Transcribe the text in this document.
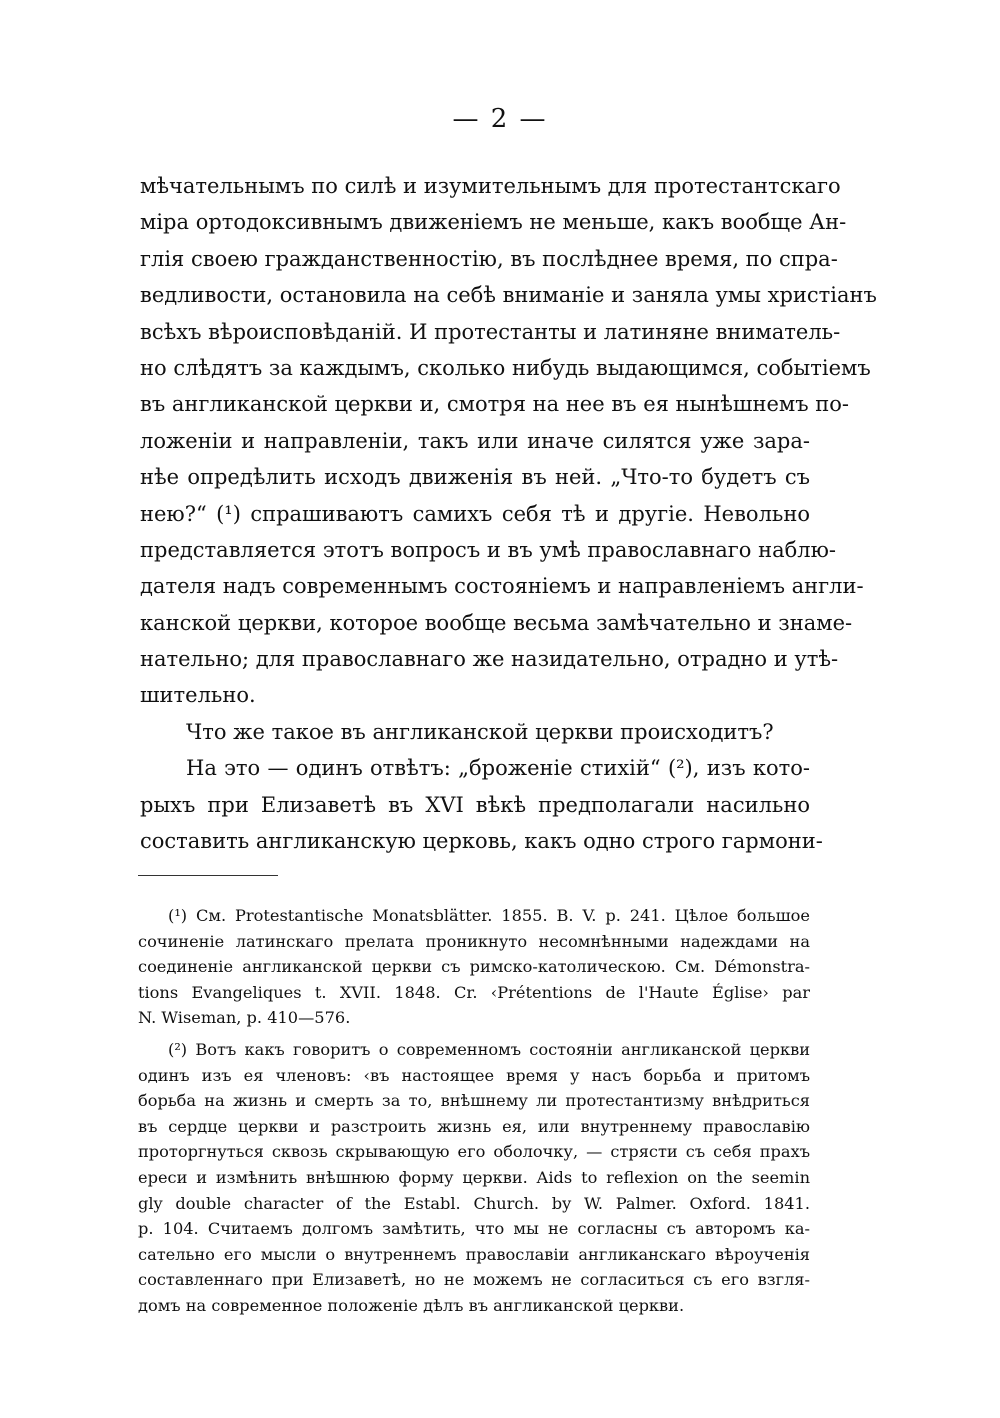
— 2 —
мѣчательнымъ по силѣ и изумительнымъ для протестантскаго
міра ортодоксивнымъ движеніемъ не меньше, какъ вообще Ан-
глія своею гражданственностію, въ послѣднее время, по спра-
ведливости, остановила на себѣ вниманіе и заняла умы христіанъ
всѣхъ вѣроисповѣданій. И протестанты и латиняне вниматель-
но слѣдятъ за каждымъ, сколько нибудь выдающимся, событіемъ
въ англиканской церкви и, смотря на нее въ ея нынѣшнемъ по-
ложеніи и направленіи, такъ или иначе силятся уже зара-
нѣе опредѣлить исходъ движенія въ ней. „Что-то будетъ съ
нею?“ (¹) спрашиваютъ самихъ себя тѣ и другіе. Невольно
представляется этотъ вопросъ и въ умѣ православнаго наблю-
дателя надъ современнымъ состояніемъ и направленіемъ англи-
канской церкви, которое вообще весьма замѣчательно и знаме-
нательно; для православнаго же назидательно, отрадно и утѣ-
шительно.
Что же такое въ англиканской церкви происходитъ?
На это — одинъ отвѣтъ: „броженіе стихій“ (²), изъ кото-
рыхъ при Елизаветѣ въ XVI вѣкѣ предполагали насильно
составить англиканскую церковь, какъ одно строго гармони-
(¹) См. Protestantische Monatsblätter. 1855. B. V. p. 241. Цѣлое большое
сочиненіе латинскаго прелата проникнуто несомнѣнными надеждами на
соединеніе англиканской церкви съ римско-католическою. См. Démonstra-
tions Evangeliques t. XVII. 1848. Cr. ‹Prétentions de l'Haute Église› par
N. Wiseman, p. 410—576.
(²) Вотъ какъ говоритъ о современномъ состояніи англиканской церкви
одинъ изъ ея членовъ: ‹въ настоящее время у насъ борьба и притомъ
борьба на жизнь и смерть за то, внѣшнему ли протестантизму внѣдриться
въ сердце церкви и разстроить жизнь ея, или внутреннему православію
проторгнуться сквозь скрывающую его оболочку, — стрясти съ себя прахъ
ереси и измѣнить внѣшнюю форму церкви. Aids to reflexion on the seemin
gly double character of the Establ. Church. by W. Palmer. Oxford. 1841.
p. 104. Считаемъ долгомъ замѣтить, что мы не согласны съ авторомъ ка-
сательно его мысли о внутреннемъ православіи англиканскаго вѣроученія
составленнаго при Елизаветѣ, но не можемъ не согласиться съ его взгля-
домъ на современное положеніе дѣлъ въ англиканской церкви.
